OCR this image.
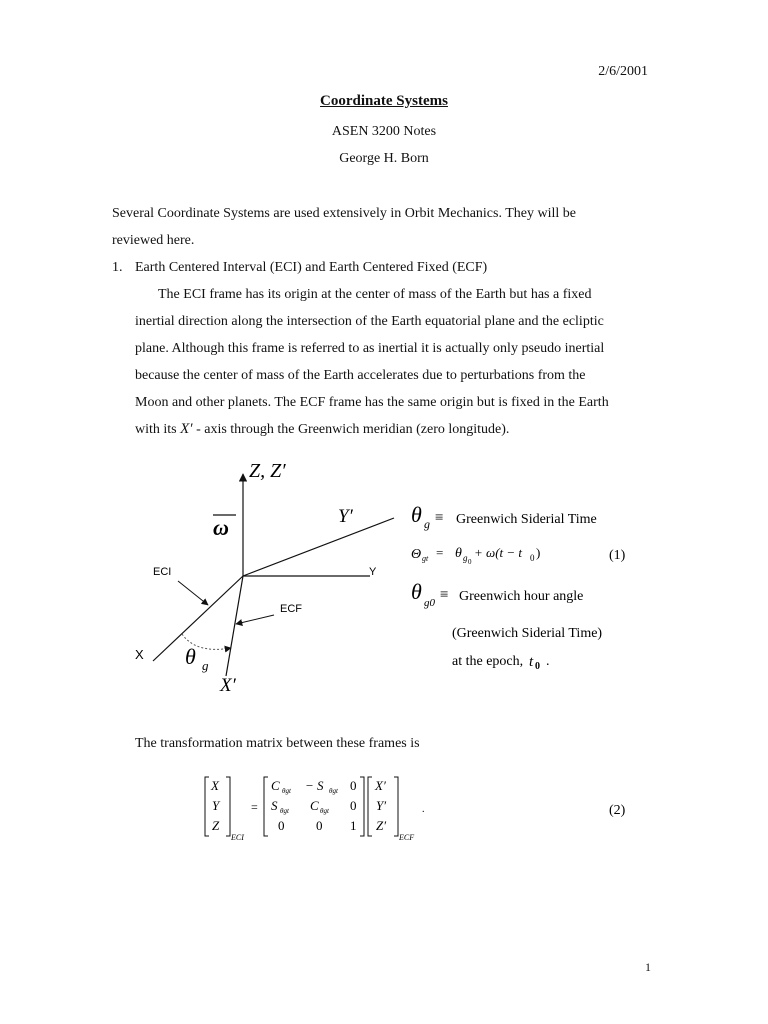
2/6/2001
Coordinate Systems
ASEN 3200 Notes
George H. Born
Several Coordinate Systems are used extensively in Orbit Mechanics. They will be
reviewed here.
1. Earth Centered Interval (ECI) and Earth Centered Fixed (ECF)
The ECI frame has its origin at the center of mass of the Earth but has a fixed
inertial direction along the intersection of the Earth equatorial plane and the ecliptic
plane. Although this frame is referred to as inertial it is actually only pseudo inertial
because the center of mass of the Earth accelerates due to perturbations from the
Moon and other planets. The ECF frame has the same origin but is fixed in the Earth
with its X′ - axis through the Greenwich meridian (zero longitude).
Z, Z′
ω	Y′
Y
ECI
ECF
X θ g
X′
θ g ≡ Greenwich Siderial Time
Θ gt = θ g 0
+ ω(t − t 0 )	(1)
θ g0 ≡ Greenwich hour angle
(Greenwich Siderial Time)
at the epoch, t 0 .
X
Y
Z
ECI
=
C θgt − S θgt 0
S θgt C θgt 0
0 0 1
X′
Y′
Z′
ECF
.	(2)
The transformation matrix between these frames is
1
